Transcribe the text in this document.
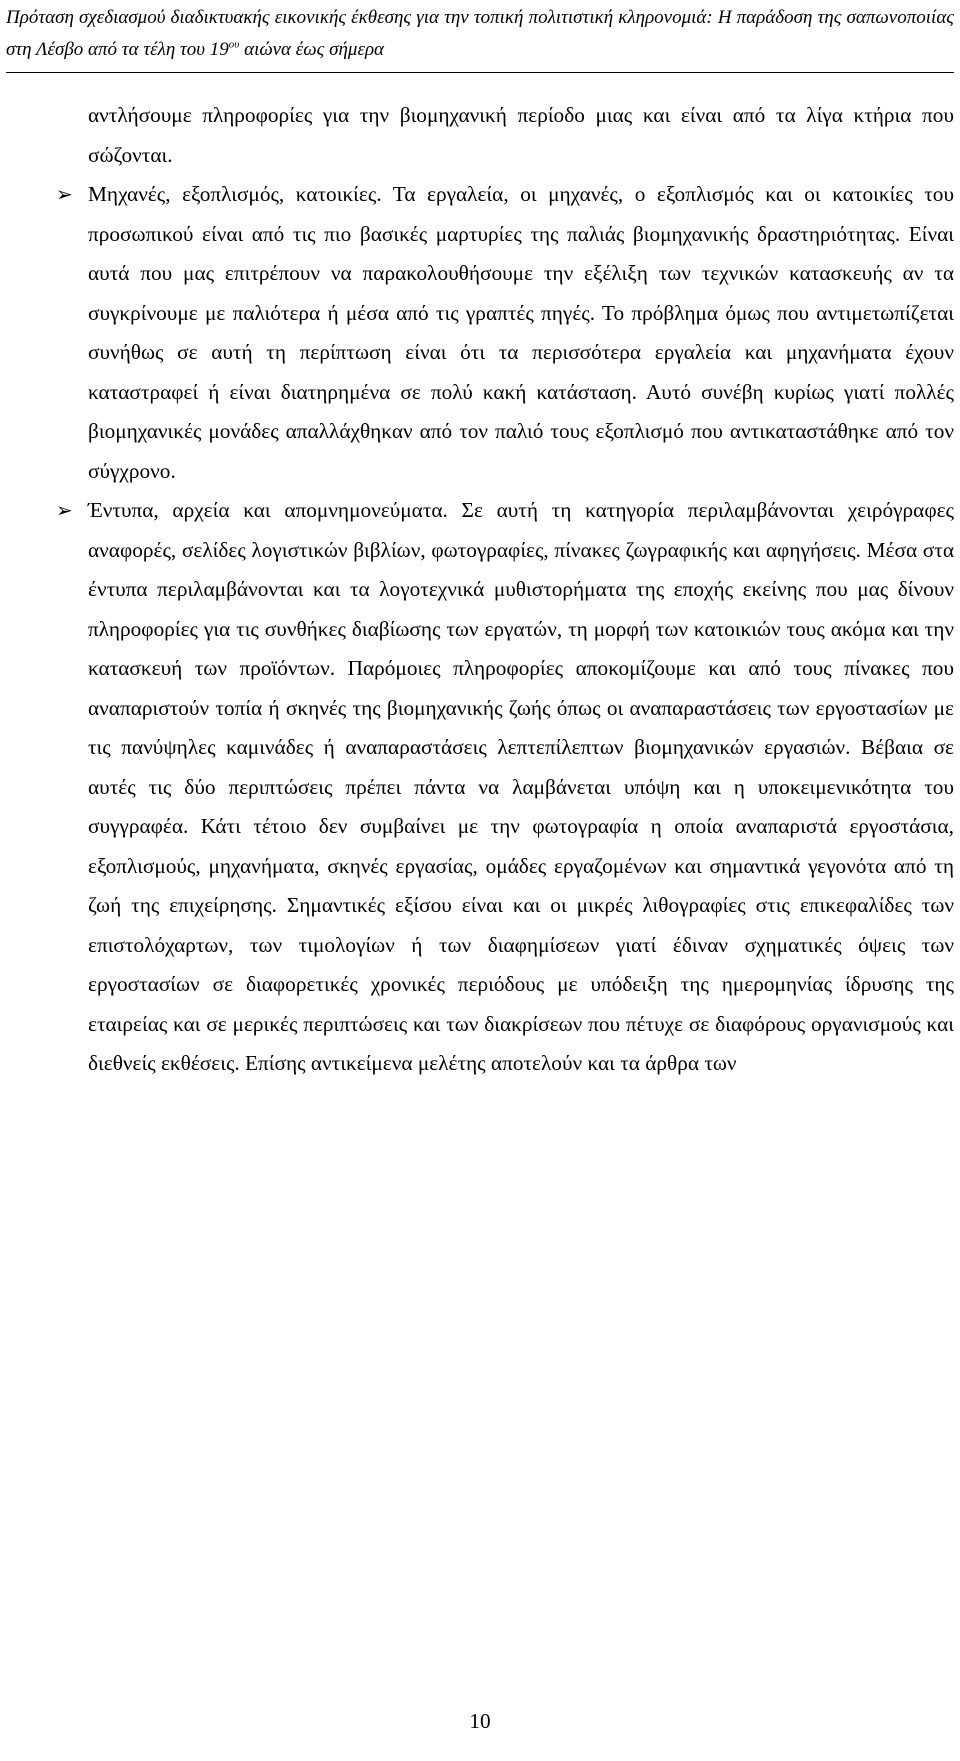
Πρόταση σχεδιασμού διαδικτυακής εικονικής έκθεσης για την τοπική πολιτιστική κληρονομιά: Η παράδοση της σαπωνοποιίας στη Λέσβο από τα τέλη του $19^{o\upsilon}$ αιώνα έως σήμερα

αντλήσουμε πληροφορίες για την βιομηχανική περίοδο μιας και είναι από τα λίγα κτήρια που σώζονται.

➢ Μηχανές, εξοπλισμός, κατοικίες. Τα εργαλεία, οι μηχανές, ο εξοπλισμός και οι κατοικίες του προσωπικού είναι από τις πιο βασικές μαρτυρίες της παλιάς βιομηχανικής δραστηριότητας. Είναι αυτά που μας επιτρέπουν να παρακολουθήσουμε την εξέλιξη των τεχνικών κατασκευής αν τα συγκρίνουμε με παλιότερα ή μέσα από τις γραπτές πηγές. Το πρόβλημα όμως που αντιμετωπίζεται συνήθως σε αυτή τη περίπτωση είναι ότι τα περισσότερα εργαλεία και μηχανήματα έχουν καταστραφεί ή είναι διατηρημένα σε πολύ κακή κατάσταση. Αυτό συνέβη κυρίως γιατί πολλές βιομηχανικές μονάδες απαλλάχθηκαν από τον παλιό τους εξοπλισμό που αντικαταστάθηκε από τον σύγχρονο.

➢ Έντυπα, αρχεία και απομνημονεύματα. Σε αυτή τη κατηγορία περιλαμβάνονται χειρόγραφες αναφορές, σελίδες λογιστικών βιβλίων, φωτογραφίες, πίνακες ζωγραφικής και αφηγήσεις. Μέσα στα έντυπα περιλαμβάνονται και τα λογοτεχνικά μυθιστορήματα της εποχής εκείνης που μας δίνουν πληροφορίες για τις συνθήκες διαβίωσης των εργατών, τη μορφή των κατοικιών τους ακόμα και την κατασκευή των προϊόντων. Παρόμοιες πληροφορίες αποκομίζουμε και από τους πίνακες που αναπαριστούν τοπία ή σκηνές της βιομηχανικής ζωής όπως οι αναπαραστάσεις των εργοστασίων με τις πανύψηλες καμινάδες ή αναπαραστάσεις λεπτεπίλεπτων βιομηχανικών εργασιών. Βέβαια σε αυτές τις δύο περιπτώσεις πρέπει πάντα να λαμβάνεται υπόψη και η υποκειμενικότητα του συγγραφέα. Κάτι τέτοιο δεν συμβαίνει με την φωτογραφία η οποία αναπαριστά εργοστάσια, εξοπλισμούς, μηχανήματα, σκηνές εργασίας, ομάδες εργαζομένων και σημαντικά γεγονότα από τη ζωή της επιχείρησης. Σημαντικές εξίσου είναι και οι μικρές λιθογραφίες στις επικεφαλίδες των επιστολόχαρτων, των τιμολογίων ή των διαφημίσεων γιατί έδιναν σχηματικές όψεις των εργοστασίων σε διαφορετικές χρονικές περιόδους με υπόδειξη της ημερομηνίας ίδρυσης της εταιρείας και σε μερικές περιπτώσεις και των διακρίσεων που πέτυχε σε διαφόρους οργανισμούς και διεθνείς εκθέσεις. Επίσης αντικείμενα μελέτης αποτελούν και τα άρθρα των

10
